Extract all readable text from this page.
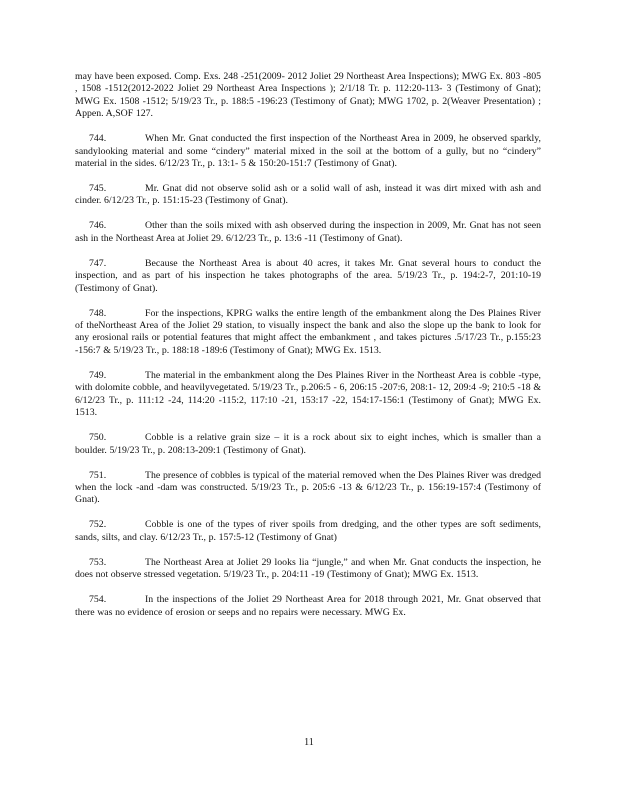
may have been exposed. Comp. Exs. 248 -251(2009- 2012 Joliet 29 Northeast Area Inspections); MWG Ex. 803 -805 , 1508 -1512(2012-2022 Joliet 29 Northeast Area Inspections ); 2/1/18 Tr. p. 112:20-113- 3 (Testimony of Gnat); MWG Ex. 1508 -1512; 5/19/23 Tr., p. 188:5 -196:23 (Testimony of Gnat); MWG 1702, p. 2(Weaver Presentation) ; Appen. A,SOF 127.

744.	When Mr. Gnat conducted the first inspection of the Northeast Area in 2009, he observed sparkly, sandylooking material and some “cindery” material mixed in the soil at the bottom of a gully, but no “cindery” material in the sides. 6/12/23 Tr., p. 13:1- 5 & 150:20-151:7 (Testimony of Gnat).

745.	Mr. Gnat did not observe solid ash or a solid wall of ash, instead it was dirt mixed with ash and cinder. 6/12/23 Tr., p. 151:15-23 (Testimony of Gnat).

746.	Other than the soils mixed with ash observed during the inspection in 2009, Mr. Gnat has not seen ash in the Northeast Area at Joliet 29. 6/12/23 Tr., p. 13:6 -11 (Testimony of Gnat).

747.	Because the Northeast Area is about 40 acres, it takes Mr. Gnat several hours to conduct the inspection, and as part of his inspection he takes photographs of the area. 5/19/23 Tr., p. 194:2-7, 201:10-19 (Testimony of Gnat).

748.	For the inspections, KPRG walks the entire length of the embankment along the Des Plaines River of theNortheast Area of the Joliet 29 station, to visually inspect the bank and also the slope up the bank to look for any erosional rails or potential features that might affect the embankment , and takes pictures .5/17/23 Tr., p.155:23 -156:7 & 5/19/23 Tr., p. 188:18 -189:6 (Testimony of Gnat); MWG Ex. 1513.

749.	The material in the embankment along the Des Plaines River in the Northeast Area is cobble -type, with dolomite cobble, and heavilyvegetated. 5/19/23 Tr., p.206:5 - 6, 206:15 -207:6, 208:1- 12, 209:4 -9; 210:5 -18 & 6/12/23 Tr., p. 111:12 -24, 114:20 -115:2, 117:10 -21, 153:17 -22, 154:17-156:1 (Testimony of Gnat); MWG Ex. 1513.

750.	Cobble is a relative grain size – it is a rock about six to eight inches, which is smaller than a boulder. 5/19/23 Tr., p. 208:13-209:1 (Testimony of Gnat).

751.	The presence of cobbles is typical of the material removed when the Des Plaines River was dredged when the lock -and -dam was constructed. 5/19/23 Tr., p. 205:6 -13 & 6/12/23 Tr., p. 156:19-157:4 (Testimony of Gnat).

752.	Cobble is one of the types of river spoils from dredging, and the other types are soft sediments, sands, silts, and clay. 6/12/23 Tr., p. 157:5-12 (Testimony of Gnat)

753.	The Northeast Area at Joliet 29 looks lia “jungle,” and when Mr. Gnat conducts the inspection, he does not observe stressed vegetation. 5/19/23 Tr., p. 204:11 -19 (Testimony of Gnat); MWG Ex. 1513.

754.	In the inspections of the Joliet 29 Northeast Area for 2018 through 2021, Mr. Gnat observed that there was no evidence of erosion or seeps and no repairs were necessary. MWG Ex.

11
